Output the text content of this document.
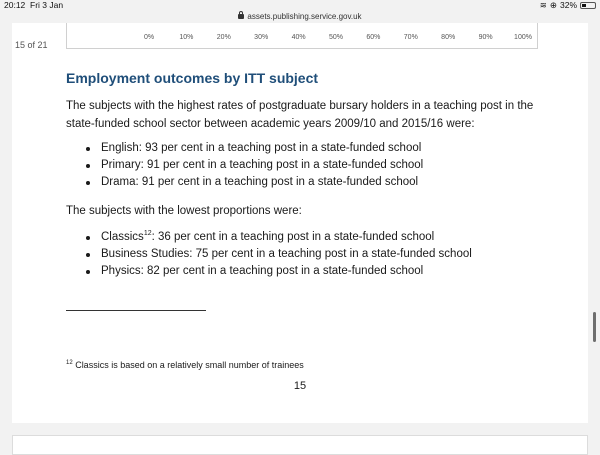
20:12 Fri 3 Jan	≋ ⊕ 32%
assets.publishing.service.gov.uk
0%	10%	20%	30%	40%	50%	60%	70%	80%	90%	100%
Employment outcomes by ITT subject
The subjects with the highest rates of postgraduate bursary holders in a teaching post in the state-funded school sector between academic years 2009/10 and 2015/16 were:
English: 93 per cent in a teaching post in a state-funded school
Primary: 91 per cent in a teaching post in a state-funded school
Drama: 91 per cent in a teaching post in a state-funded school
The subjects with the lowest proportions were:
Classics$^{12}$: 36 per cent in a teaching post in a state-funded school
Business Studies: 75 per cent in a teaching post in a state-funded school
Physics: 82 per cent in a teaching post in a state-funded school
$^{12}$ Classics is based on a relatively small number of trainees
15
15 of 21
